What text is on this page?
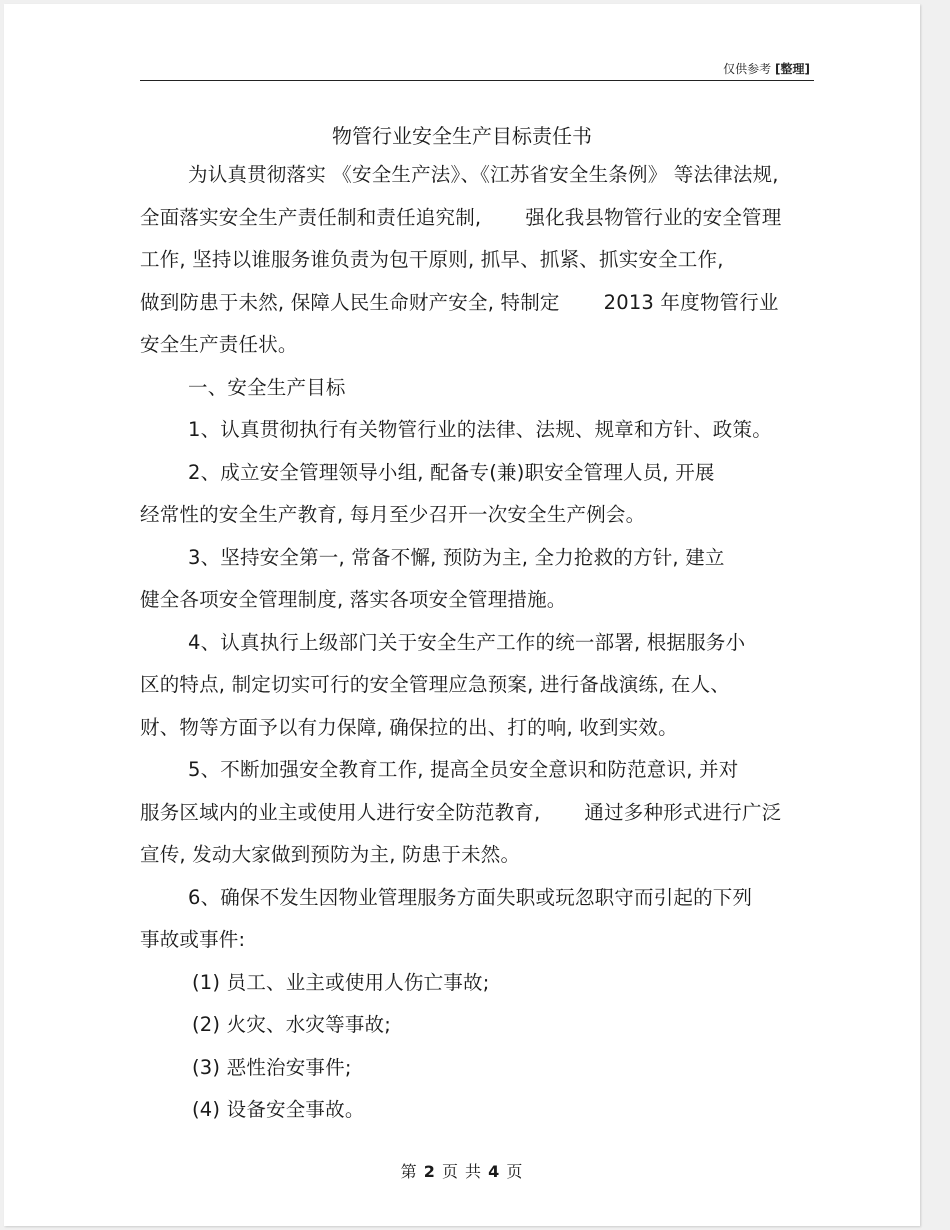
仅供参考 [整理]
物管行业安全生产目标责任书

为认真贯彻落实 《安全生产法》、《江苏省安全生条例》 等法律法规,

全面落实安全生产责任制和责任追究制, 强化我县物管行业的安全管理

工作, 坚持以谁服务谁负责为包干原则, 抓早、抓紧、抓实安全工作,

做到防患于未然, 保障人民生命财产安全, 特制定 2013 年度物管行业

安全生产责任状。

一、安全生产目标

1、认真贯彻执行有关物管行业的法律、法规、规章和方针、政策。

2、成立安全管理领导小组, 配备专(兼)职安全管理人员, 开展

经常性的安全生产教育, 每月至少召开一次安全生产例会。

3、坚持安全第一, 常备不懈, 预防为主, 全力抢救的方针, 建立

健全各项安全管理制度, 落实各项安全管理措施。

4、认真执行上级部门关于安全生产工作的统一部署, 根据服务小

区的特点, 制定切实可行的安全管理应急预案, 进行备战演练, 在人、

财、物等方面予以有力保障, 确保拉的出、打的响, 收到实效。

5、不断加强安全教育工作, 提高全员安全意识和防范意识, 并对

服务区域内的业主或使用人进行安全防范教育, 通过多种形式进行广泛

宣传, 发动大家做到预防为主, 防患于未然。

6、确保不发生因物业管理服务方面失职或玩忽职守而引起的下列

事故或事件:

(1) 员工、业主或使用人伤亡事故;

(2) 火灾、水灾等事故;

(3) 恶性治安事件;

(4) 设备安全事故。

第 2 页 共 4 页
